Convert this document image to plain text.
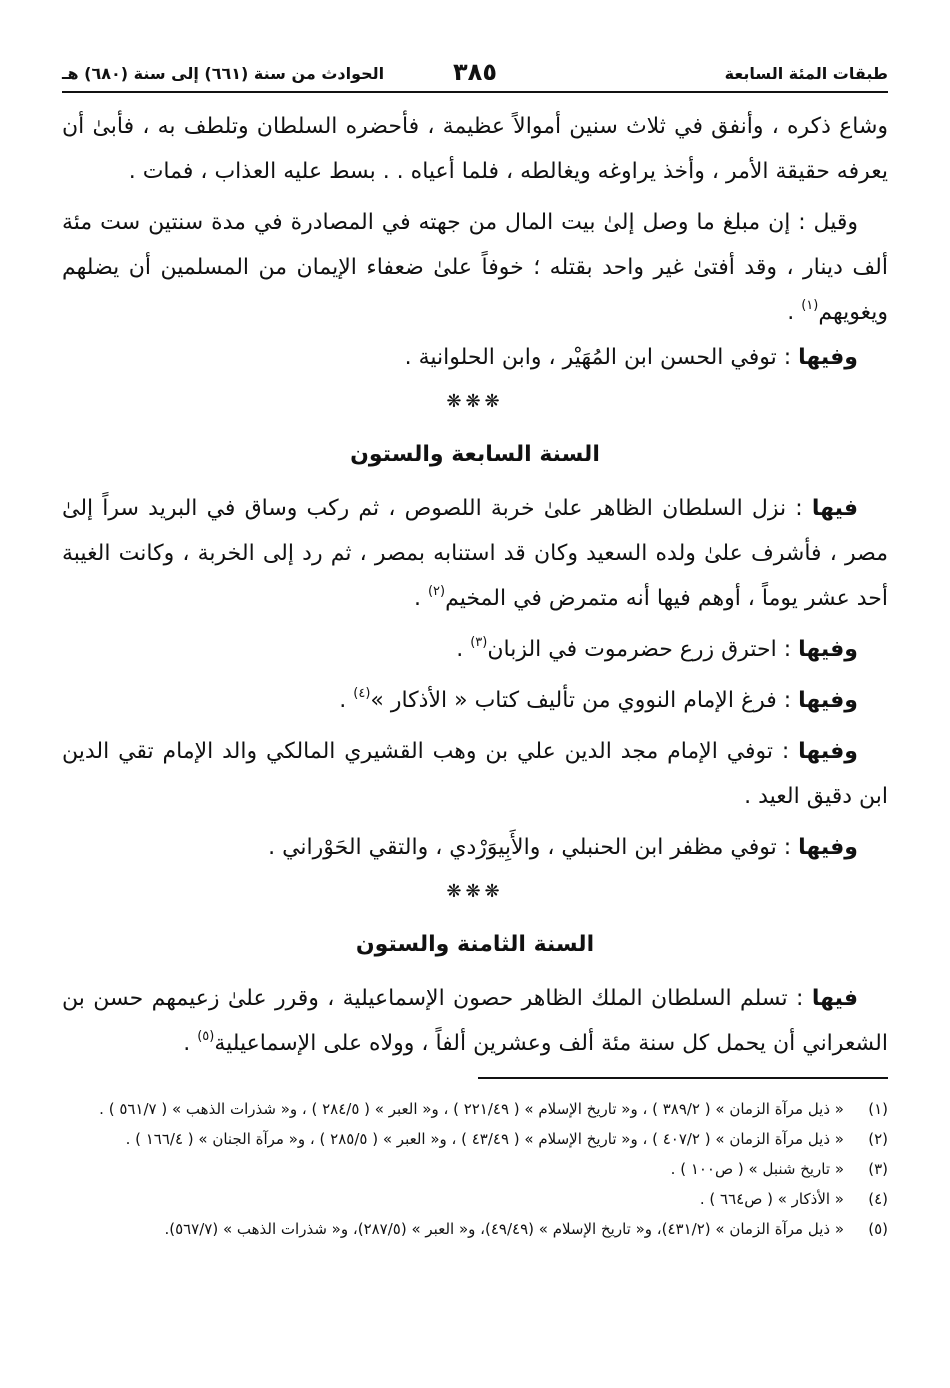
طبقات المئة السابعة
٣٨٥
الحوادث من سنة (٦٦١) إلى سنة (٦٨٠) هـ

وشاع ذكره ، وأنفق في ثلاث سنين أموالاً عظيمة ، فأحضره السلطان وتلطف به ، فأبىٰ أن يعرفه حقيقة الأمر ، وأخذ يراوغه ويغالطه ، فلما أعياه . . بسط عليه العذاب ، فمات .

وقيل : إن مبلغ ما وصل إلىٰ بيت المال من جهته في المصادرة في مدة سنتين ست مئة ألف دينار ، وقد أفتىٰ غير واحد بقتله ؛ خوفاً علىٰ ضعفاء الإيمان من المسلمين أن يضلهم ويغويهم$^{(١)}$ .

وفيها : توفي الحسن ابن المُهَيْر ، وابن الحلوانية .

❋❋❋
السنة السابعة والستون

فيها : نزل السلطان الظاهر علىٰ خربة اللصوص ، ثم ركب وساق في البريد سراً إلىٰ مصر ، فأشرف علىٰ ولده السعيد وكان قد استنابه بمصر ، ثم رد إلى الخربة ، وكانت الغيبة أحد عشر يوماً ، أوهم فيها أنه متمرض في المخيم$^{(٢)}$ .

وفيها : احترق زرع حضرموت في الزبان$^{(٣)}$ .

وفيها : فرغ الإمام النووي من تأليف كتاب « الأذكار »$^{(٤)}$ .

وفيها : توفي الإمام مجد الدين علي بن وهب القشيري المالكي والد الإمام تقي الدين ابن دقيق العيد .

وفيها : توفي مظفر ابن الحنبلي ، والأَبِيوَرْدي ، والتقي الحَوْراني .

❋❋❋
السنة الثامنة والستون

فيها : تسلم السلطان الملك الظاهر حصون الإسماعيلية ، وقرر علىٰ زعيمهم حسن بن الشعراني أن يحمل كل سنة مئة ألف وعشرين ألفاً ، وولاه على الإسماعيلية$^{(٥)}$ .

(١)
« ذيل مرآة الزمان » ( ٣٨٩/٢ ) ، و« تاريخ الإسلام » ( ٢٢١/٤٩ ) ، و« العبر » ( ٢٨٤/٥ ) ، و« شذرات الذهب » ( ٥٦١/٧ ) .
(٢)
« ذيل مرآة الزمان » ( ٤٠٧/٢ ) ، و« تاريخ الإسلام » ( ٤٣/٤٩ ) ، و« العبر » ( ٢٨٥/٥ ) ، و« مرآة الجنان » ( ١٦٦/٤ ) .
(٣)
« تاريخ شنبل » ( ص١٠٠ ) .
(٤)
« الأذكار » ( ص٦٦٤ ) .
(٥)
« ذيل مرآة الزمان » (٤٣١/٢)، و« تاريخ الإسلام » (٤٩/٤٩)، و« العبر » (٢٨٧/٥)، و« شذرات الذهب » (٥٦٧/٧).
